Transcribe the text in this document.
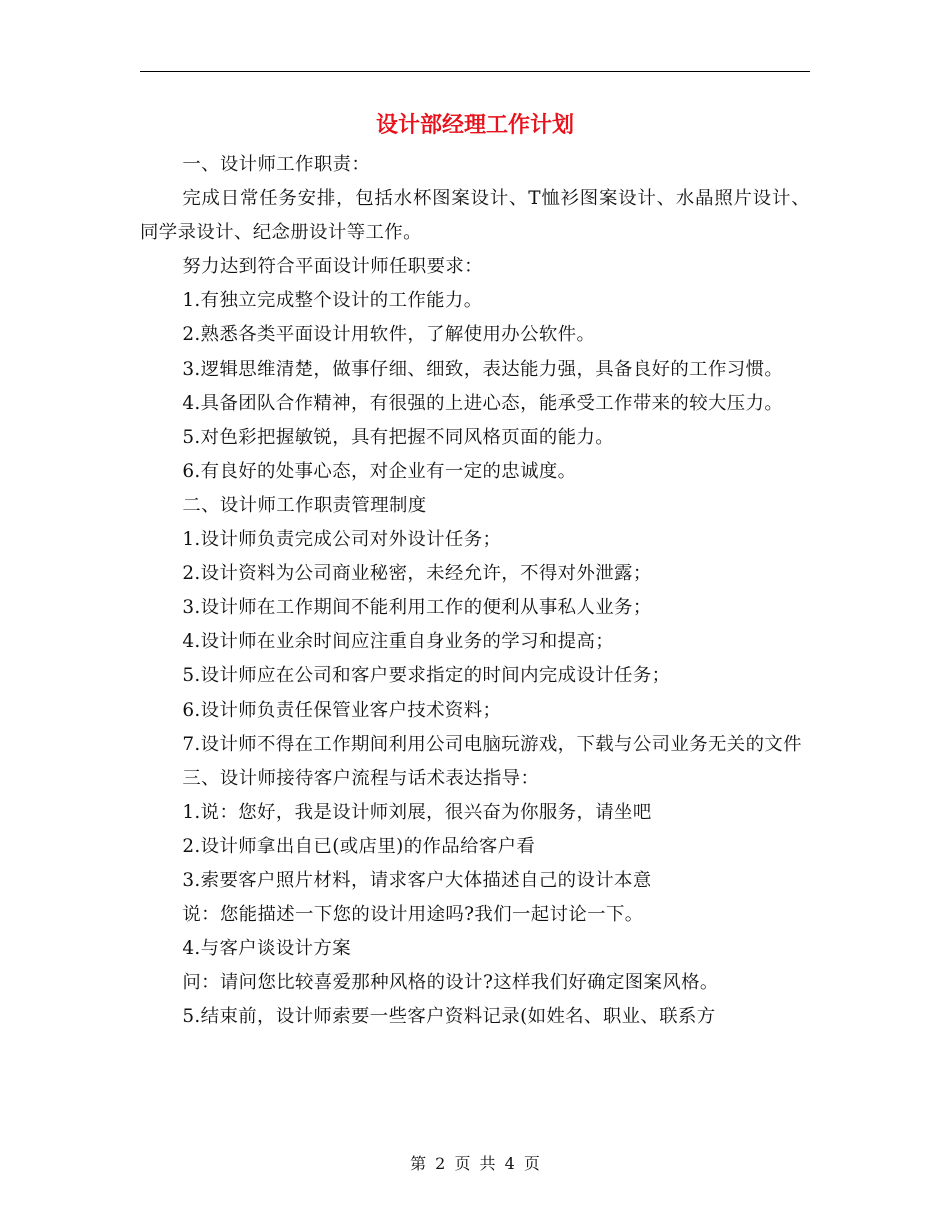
设计部经理工作计划

一、设计师工作职责：

完成日常任务安排，包括水杯图案设计、T恤衫图案设计、水晶照片设计、同学录设计、纪念册设计等工作。

努力达到符合平面设计师任职要求：

1.有独立完成整个设计的工作能力。

2.熟悉各类平面设计用软件，了解使用办公软件。

3.逻辑思维清楚，做事仔细、细致，表达能力强，具备良好的工作习惯。

4.具备团队合作精神，有很强的上进心态，能承受工作带来的较大压力。

5.对色彩把握敏锐，具有把握不同风格页面的能力。

6.有良好的处事心态，对企业有一定的忠诚度。

二、设计师工作职责管理制度

1.设计师负责完成公司对外设计任务；

2.设计资料为公司商业秘密，未经允许，不得对外泄露；

3.设计师在工作期间不能利用工作的便利从事私人业务；

4.设计师在业余时间应注重自身业务的学习和提高；

5.设计师应在公司和客户要求指定的时间内完成设计任务；

6.设计师负责任保管业客户技术资料；

7.设计师不得在工作期间利用公司电脑玩游戏，下载与公司业务无关的文件

三、设计师接待客户流程与话术表达指导：

1.说：您好，我是设计师刘展，很兴奋为你服务，请坐吧

2.设计师拿出自已(或店里)的作品给客户看

3.索要客户照片材料，请求客户大体描述自己的设计本意

说：您能描述一下您的设计用途吗?我们一起讨论一下。

4.与客户谈设计方案

问：请问您比较喜爱那种风格的设计?这样我们好确定图案风格。

5.结束前，设计师索要一些客户资料记录(如姓名、职业、联系方

第 2 页 共 4 页
